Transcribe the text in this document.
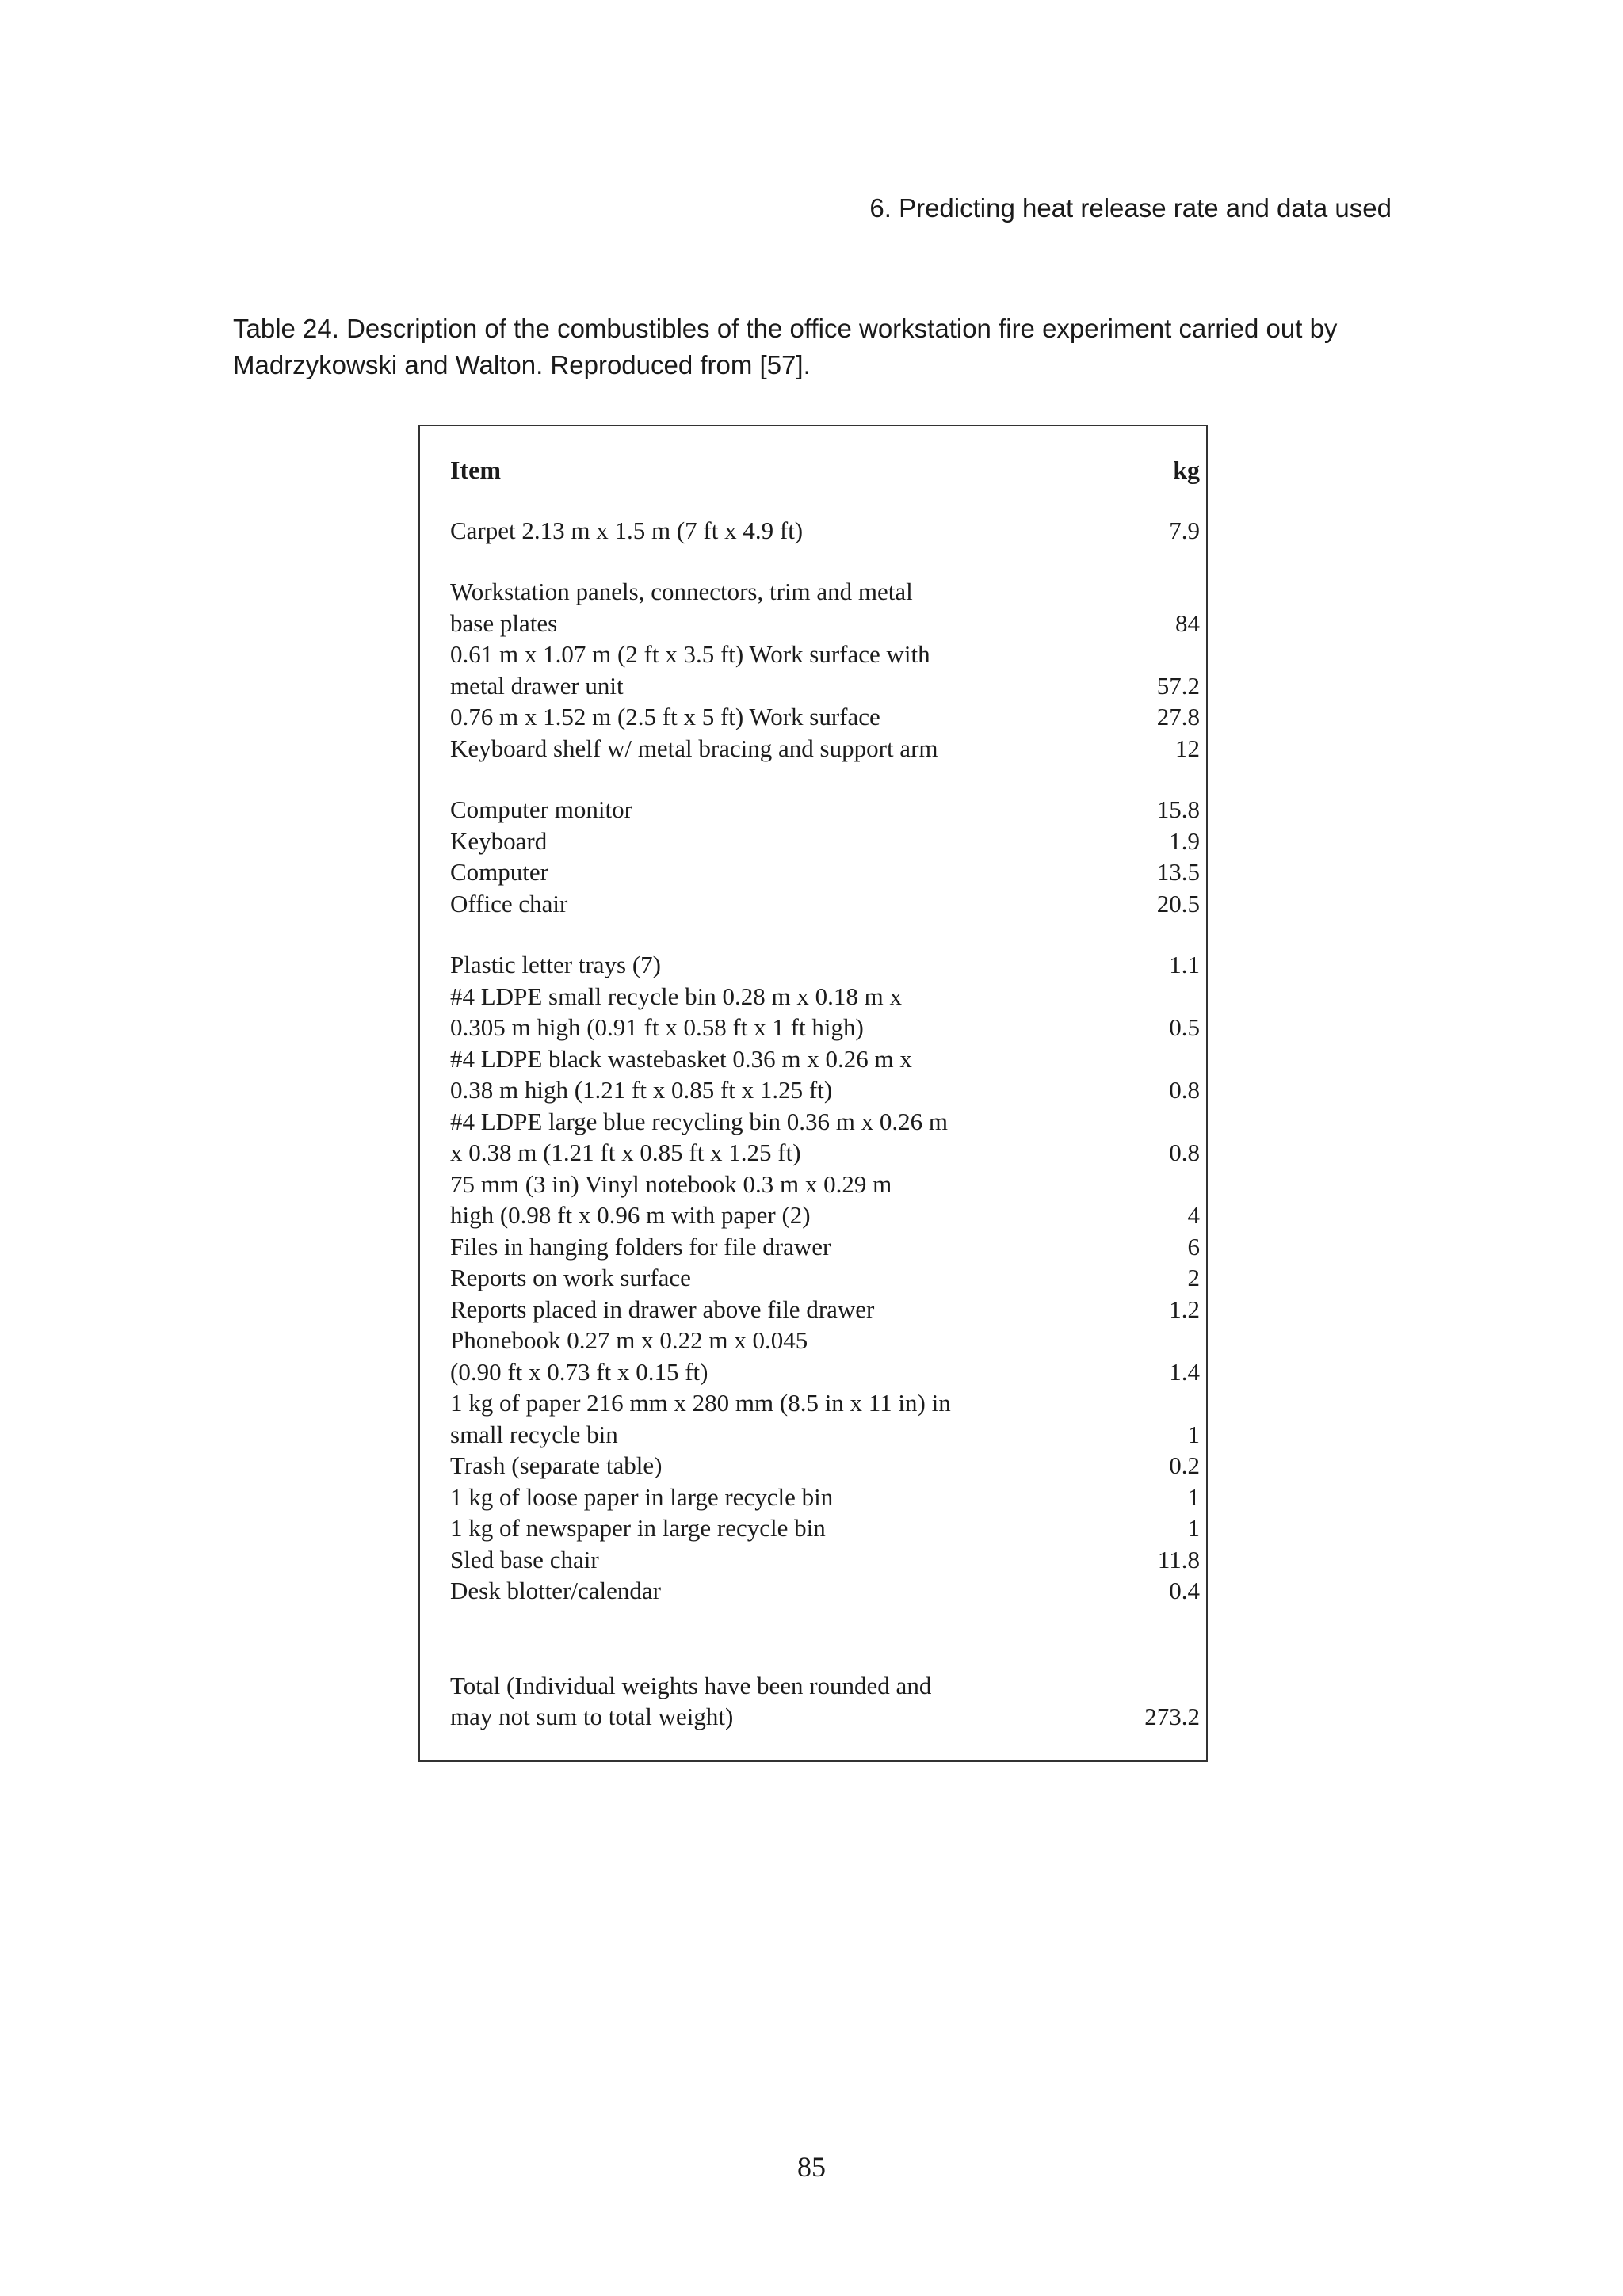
6. Predicting heat release rate and data used
Table 24. Description of the combustibles of the office workstation fire experiment carried out by Madrzykowski and Walton. Reproduced from [57].
Item	kg
Carpet 2.13 m x 1.5 m (7 ft x 4.9 ft)	7.9
Workstation panels, connectors, trim and metal
base plates	84
0.61 m x 1.07 m (2 ft x 3.5 ft) Work surface with
metal drawer unit	57.2
0.76 m x 1.52 m (2.5 ft x 5 ft) Work surface	27.8
Keyboard shelf w/ metal bracing and support arm	12
Computer monitor	15.8
Keyboard	1.9
Computer	13.5
Office chair	20.5
Plastic letter trays (7)	1.1
#4 LDPE small recycle bin 0.28 m x 0.18 m x
0.305 m high (0.91 ft x 0.58 ft x 1 ft high)	0.5
#4 LDPE black wastebasket 0.36 m x 0.26 m x
0.38 m high (1.21 ft x 0.85 ft x 1.25 ft)	0.8
#4 LDPE large blue recycling bin 0.36 m x 0.26 m
x 0.38 m (1.21 ft x 0.85 ft x 1.25 ft)	0.8
75 mm (3 in) Vinyl notebook 0.3 m x 0.29 m
high (0.98 ft x 0.96 m with paper (2)	4
Files in hanging folders for file drawer	6
Reports on work surface	2
Reports placed in drawer above file drawer	1.2
Phonebook 0.27 m x 0.22 m x 0.045
(0.90 ft x 0.73 ft x 0.15 ft)	1.4
1 kg of paper 216 mm x 280 mm (8.5 in x 11 in) in
small recycle bin	1
Trash (separate table)	0.2
1 kg of loose paper in large recycle bin	1
1 kg of newspaper in large recycle bin	1
Sled base chair	11.8
Desk blotter/calendar	0.4
Total (Individual weights have been rounded and
may not sum to total weight)	273.2
85
